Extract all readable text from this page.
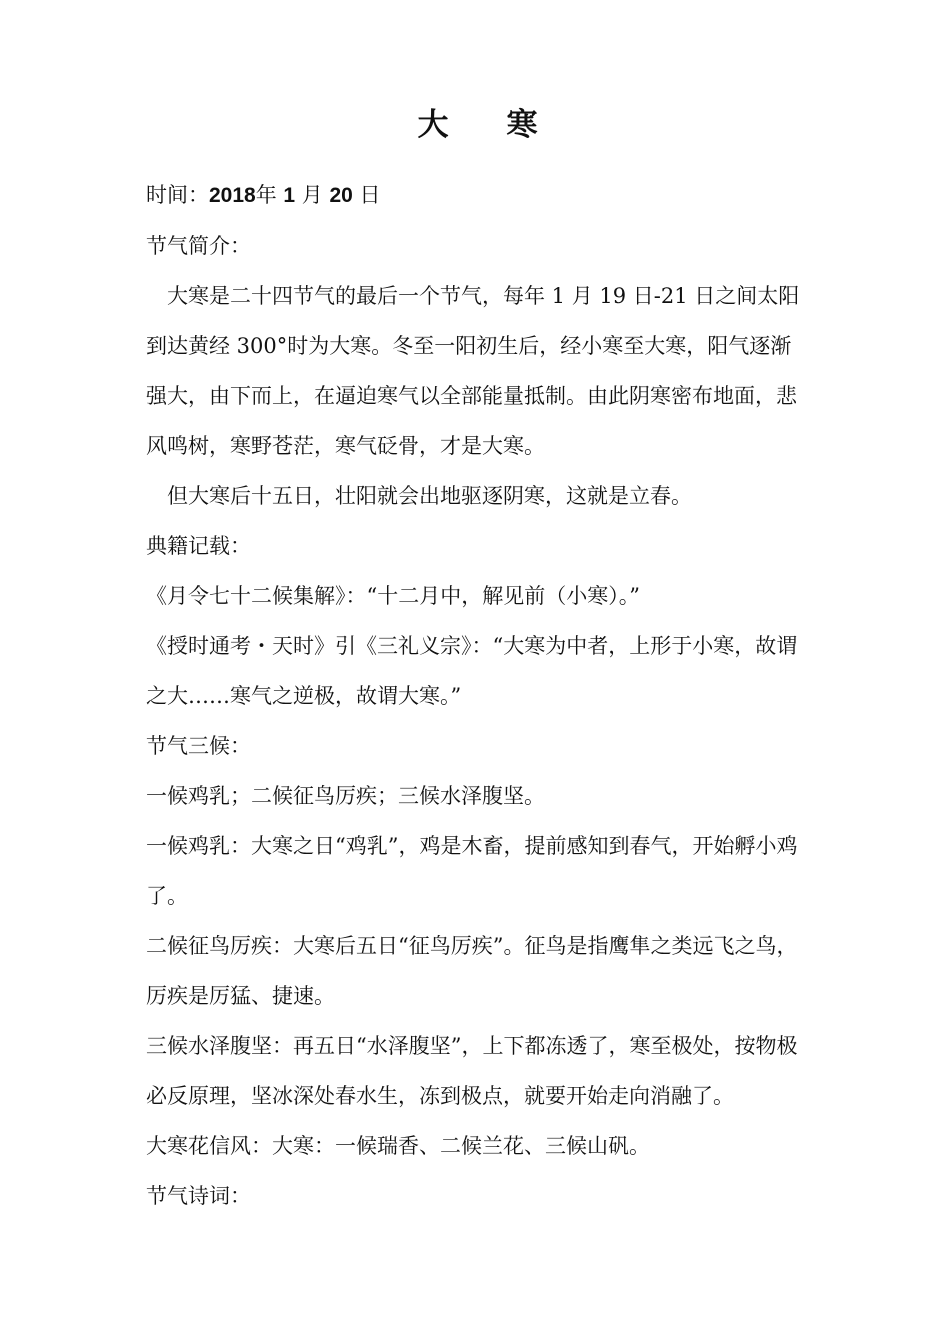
大 寒

时间：2018年 1 月 20 日

节气简介：

大寒是二十四节气的最后一个节气，每年 1 月 19 日-21 日之间太阳到达黄经 300°时为大寒。冬至一阳初生后，经小寒至大寒，阳气逐渐强大，由下而上，在逼迫寒气以全部能量抵制。由此阴寒密布地面，悲风鸣树，寒野苍茫，寒气砭骨，才是大寒。

但大寒后十五日，壮阳就会出地驱逐阴寒，这就是立春。

典籍记载：

《月令七十二候集解》：“十二月中，解见前（小寒）。”

《授时通考・天时》引《三礼义宗》：“大寒为中者，上形于小寒，故谓之大……寒气之逆极，故谓大寒。”

节气三候：

一候鸡乳；二候征鸟厉疾；三候水泽腹坚。

一候鸡乳：大寒之日“鸡乳”，鸡是木畜，提前感知到春气，开始孵小鸡了。

二候征鸟厉疾：大寒后五日“征鸟厉疾”。征鸟是指鹰隼之类远飞之鸟，厉疾是厉猛、捷速。

三候水泽腹坚：再五日“水泽腹坚”，上下都冻透了，寒至极处，按物极必反原理，坚冰深处春水生，冻到极点，就要开始走向消融了。

大寒花信风：大寒：一候瑞香、二候兰花、三候山矾。

节气诗词：
